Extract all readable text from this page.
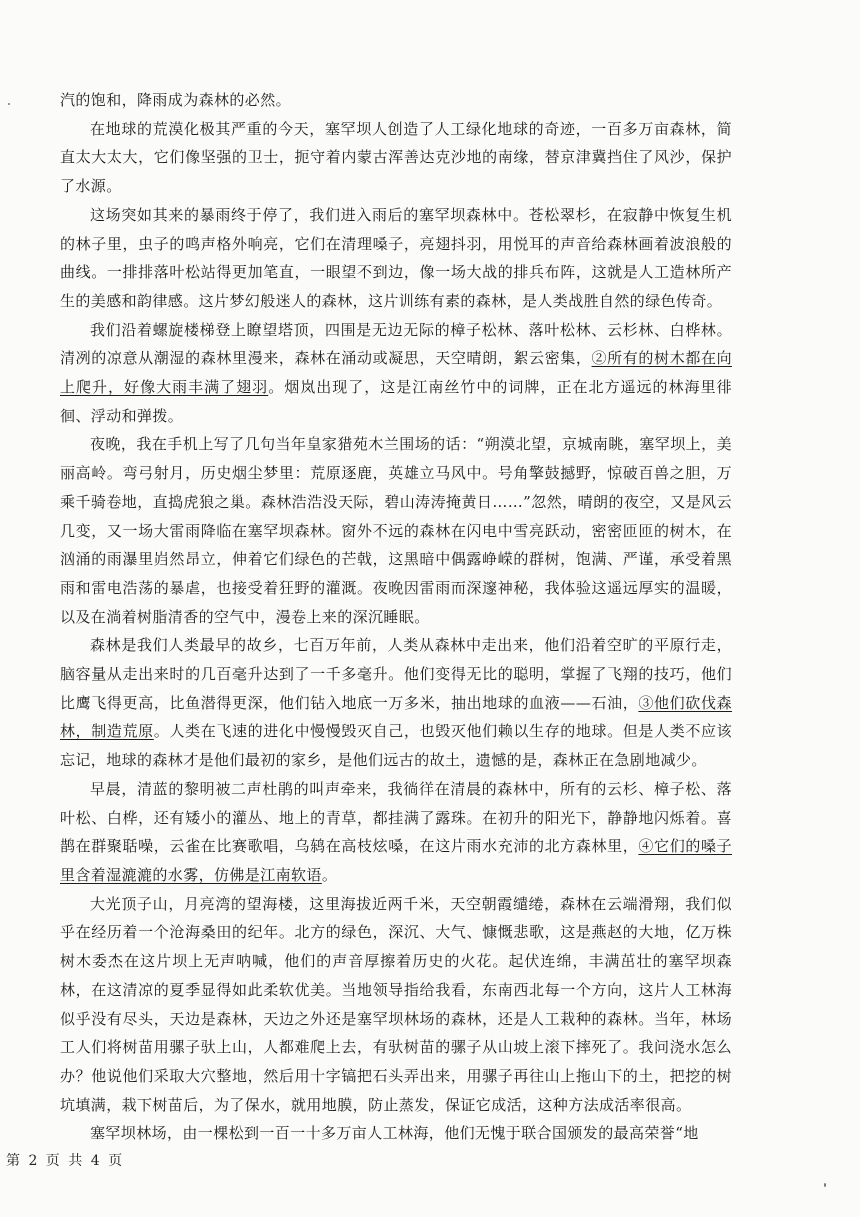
汽的饱和，降雨成为森林的必然。

在地球的荒漠化极其严重的今天，塞罕坝人创造了人工绿化地球的奇迹，一百多万亩森林，简直太大太大，它们像坚强的卫士，扼守着内蒙古浑善达克沙地的南缘，替京津冀挡住了风沙，保护了水源。

这场突如其来的暴雨终于停了，我们进入雨后的塞罕坝森林中。苍松翠杉，在寂静中恢复生机的林子里，虫子的鸣声格外响亮，它们在清理嗓子，亮翅抖羽，用悦耳的声音给森林画着波浪般的曲线。一排排落叶松站得更加笔直，一眼望不到边，像一场大战的排兵布阵，这就是人工造林所产生的美感和韵律感。这片梦幻般迷人的森林，这片训练有素的森林，是人类战胜自然的绿色传奇。

我们沿着螺旋楼梯登上瞭望塔顶，四围是无边无际的樟子松林、落叶松林、云杉林、白桦林。清冽的凉意从潮湿的森林里漫来，森林在涌动或凝思，天空晴朗，絮云密集，②所有的树木都在向上爬升，好像大雨丰满了翅羽。烟岚出现了，这是江南丝竹中的词牌，正在北方遥远的林海里徘徊、浮动和弹拨。

夜晚，我在手机上写了几句当年皇家猎苑木兰围场的话：“朔漠北望，京城南眺，塞罕坝上，美丽高岭。弯弓射月，历史烟尘梦里：荒原逐鹿，英雄立马风中。号角擎鼓撼野，惊破百兽之胆，万乘千骑卷地，直捣虎狼之巢。森林浩浩没天际，碧山涛涛掩黄日……”忽然，晴朗的夜空，又是风云几变，又一场大雷雨降临在塞罕坝森林。窗外不远的森林在闪电中雪亮跃动，密密匝匝的树木，在汹涌的雨瀑里岿然昂立，伸着它们绿色的芒戟，这黑暗中偶露峥嵘的群树，饱满、严谨，承受着黑雨和雷电浩荡的暴虐，也接受着狂野的灌溉。夜晚因雷雨而深邃神秘，我体验这遥远厚实的温暖，以及在淌着树脂清香的空气中，漫卷上来的深沉睡眠。

森林是我们人类最早的故乡，七百万年前，人类从森林中走出来，他们沿着空旷的平原行走，脑容量从走出来时的几百毫升达到了一千多毫升。他们变得无比的聪明，掌握了飞翔的技巧，他们比鹰飞得更高，比鱼潜得更深，他们钻入地底一万多米，抽出地球的血液——石油，③他们砍伐森林，制造荒原。人类在飞速的进化中慢慢毁灭自己，也毁灭他们赖以生存的地球。但是人类不应该忘记，地球的森林才是他们最初的家乡，是他们远古的故土，遗憾的是，森林正在急剧地减少。

早晨，清蓝的黎明被二声杜鹃的叫声牵来，我徜徉在清晨的森林中，所有的云杉、樟子松、落叶松、白桦，还有矮小的灌丛、地上的青草，都挂满了露珠。在初升的阳光下，静静地闪烁着。喜鹊在群聚聒噪，云雀在比赛歌唱，乌鸫在高枝炫嗓，在这片雨水充沛的北方森林里，④它们的嗓子里含着湿漉漉的水雾，仿佛是江南软语。

大光顶子山，月亮湾的望海楼，这里海拔近两千米，天空朝霞缱绻，森林在云端滑翔，我们似乎在经历着一个沧海桑田的纪年。北方的绿色，深沉、大气、慷慨悲歌，这是燕赵的大地，亿万株树木委杰在这片坝上无声呐喊，他们的声音厚擦着历史的火花。起伏连绵，丰满茁壮的塞罕坝森林，在这清凉的夏季显得如此柔软优美。当地领导指给我看，东南西北每一个方向，这片人工林海似乎没有尽头，天边是森林，天边之外还是塞罕坝林场的森林，还是人工栽种的森林。当年，林场工人们将树苗用骡子驮上山，人都难爬上去，有驮树苗的骡子从山坡上滚下摔死了。我问浇水怎么办？他说他们采取大穴整地，然后用十字镐把石头弄出来，用骡子再往山上拖山下的土，把挖的树坑填满，栽下树苗后，为了保水，就用地膜，防止蒸发，保证它成活，这种方法成活率很高。

塞罕坝林场，由一棵松到一百一十多万亩人工林海，他们无愧于联合国颁发的最高荣誉“地

第 2 页 共 4 页
